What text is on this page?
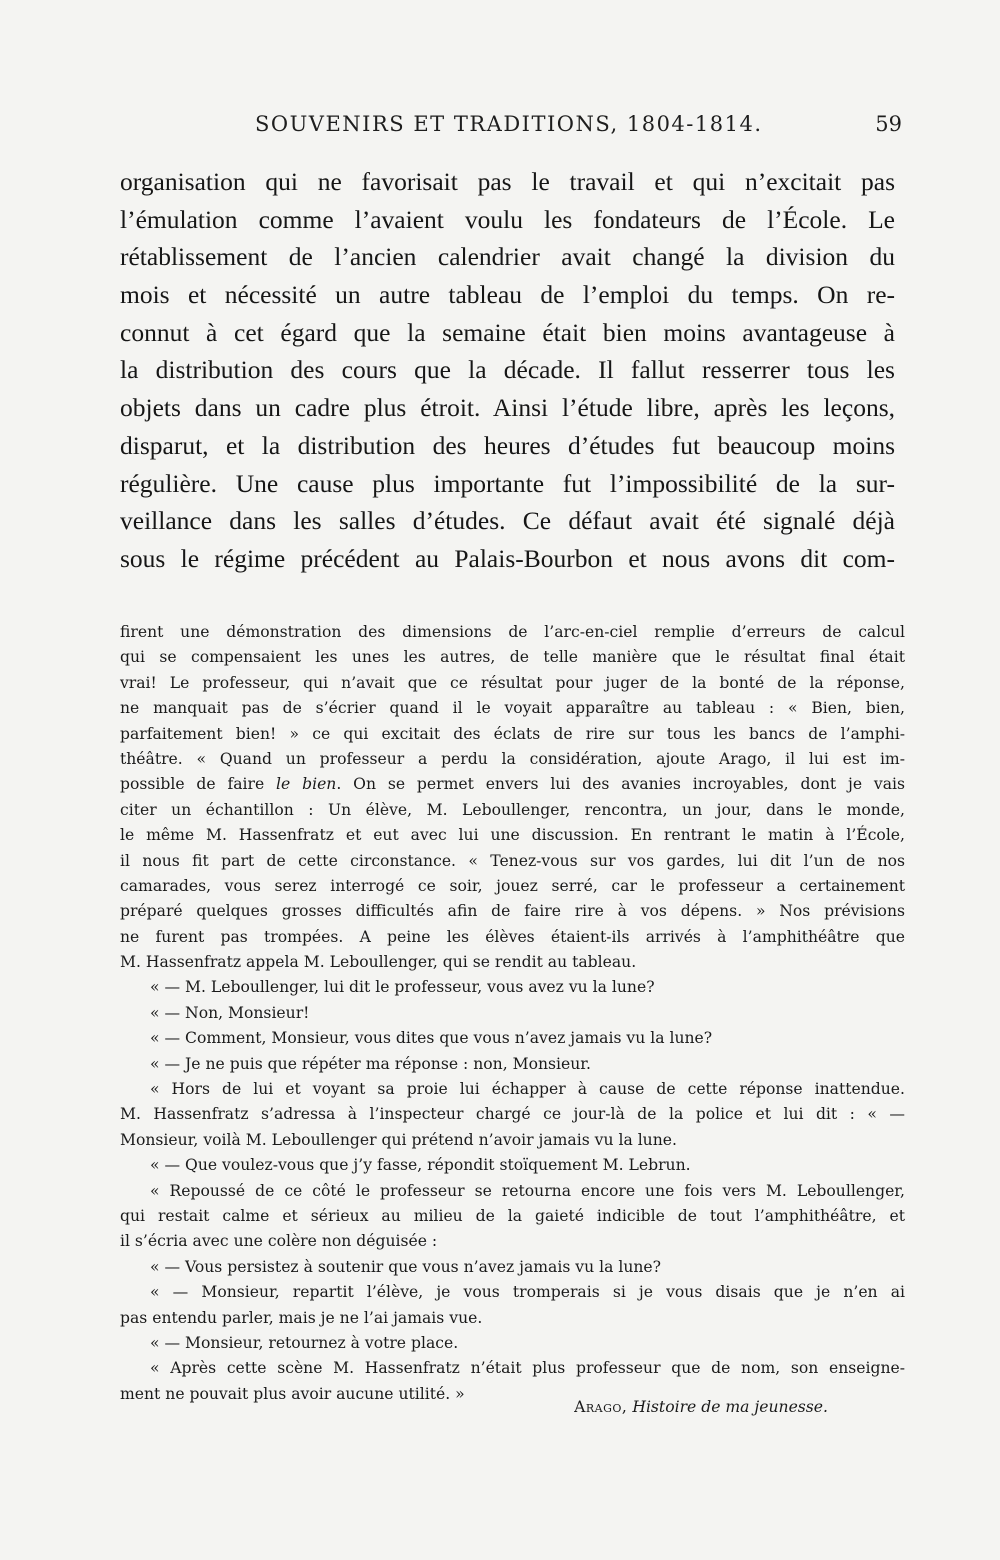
SOUVENIRS ET TRADITIONS, 1804-1814.	59
organisation qui ne favorisait pas le travail et qui n’excitait pas
l’émulation comme l’avaient voulu les fondateurs de l’École. Le
rétablissement de l’ancien calendrier avait changé la division du
mois et nécessité un autre tableau de l’emploi du temps. On re-
connut à cet égard que la semaine était bien moins avantageuse à
la distribution des cours que la décade. Il fallut resserrer tous les
objets dans un cadre plus étroit. Ainsi l’étude libre, après les leçons,
disparut, et la distribution des heures d’études fut beaucoup moins
régulière. Une cause plus importante fut l’impossibilité de la sur-
veillance dans les salles d’études. Ce défaut avait été signalé déjà
sous le régime précédent au Palais-Bourbon et nous avons dit com-
firent une démonstration des dimensions de l’arc-en-ciel remplie d’erreurs de calcul
qui se compensaient les unes les autres, de telle manière que le résultat final était
vrai! Le professeur, qui n’avait que ce résultat pour juger de la bonté de la réponse,
ne manquait pas de s’écrier quand il le voyait apparaître au tableau : « Bien, bien,
parfaitement bien! » ce qui excitait des éclats de rire sur tous les bancs de l’amphi-
théâtre. « Quand un professeur a perdu la considération, ajoute Arago, il lui est im-
possible de faire le bien. On se permet envers lui des avanies incroyables, dont je vais
citer un échantillon : Un élève, M. Leboullenger, rencontra, un jour, dans le monde,
le même M. Hassenfratz et eut avec lui une discussion. En rentrant le matin à l’École,
il nous fit part de cette circonstance. « Tenez-vous sur vos gardes, lui dit l’un de nos
camarades, vous serez interrogé ce soir, jouez serré, car le professeur a certainement
préparé quelques grosses difficultés afin de faire rire à vos dépens. » Nos prévisions
ne furent pas trompées. A peine les élèves étaient-ils arrivés à l’amphithéâtre que
M. Hassenfratz appela M. Leboullenger, qui se rendit au tableau.
« — M. Leboullenger, lui dit le professeur, vous avez vu la lune?
« — Non, Monsieur!
« — Comment, Monsieur, vous dites que vous n’avez jamais vu la lune?
« — Je ne puis que répéter ma réponse : non, Monsieur.
« Hors de lui et voyant sa proie lui échapper à cause de cette réponse inattendue.
M. Hassenfratz s’adressa à l’inspecteur chargé ce jour-là de la police et lui dit : « —
Monsieur, voilà M. Leboullenger qui prétend n’avoir jamais vu la lune.
« — Que voulez-vous que j’y fasse, répondit stoïquement M. Lebrun.
« Repoussé de ce côté le professeur se retourna encore une fois vers M. Leboullenger,
qui restait calme et sérieux au milieu de la gaieté indicible de tout l’amphithéâtre, et
il s’écria avec une colère non déguisée :
« — Vous persistez à soutenir que vous n’avez jamais vu la lune?
« — Monsieur, repartit l’élève, je vous tromperais si je vous disais que je n’en ai
pas entendu parler, mais je ne l’ai jamais vue.
« — Monsieur, retournez à votre place.
« Après cette scène M. Hassenfratz n’était plus professeur que de nom, son enseigne-
ment ne pouvait plus avoir aucune utilité. »
Arago, Histoire de ma jeunesse.
